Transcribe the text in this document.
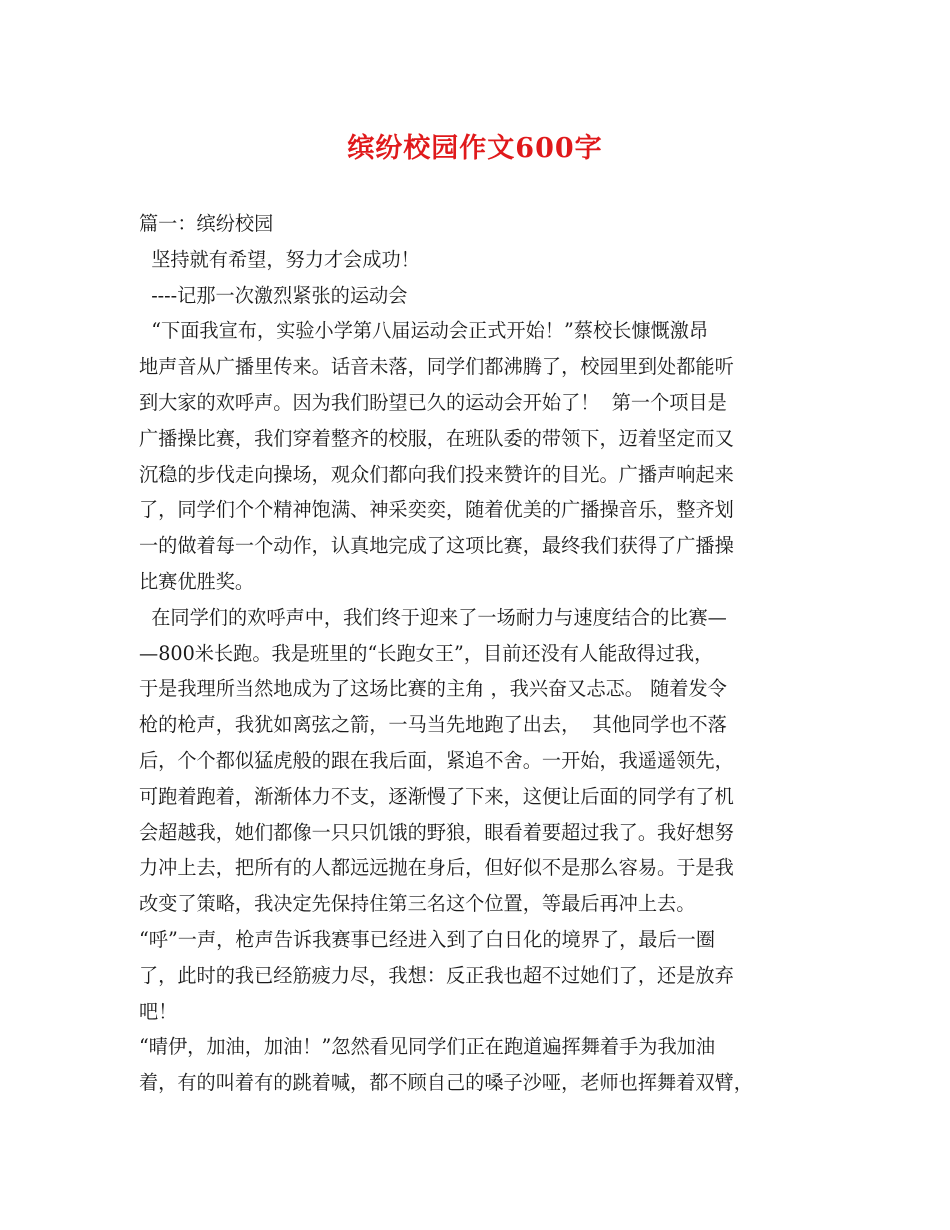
缤纷校园作文600字
篇一：缤纷校园
坚持就有希望，努力才会成功！
----记那一次激烈紧张的运动会
“下面我宣布，实验小学第八届运动会正式开始！”蔡校长慷慨激昂
地声音从广播里传来。话音未落，同学们都沸腾了，校园里到处都能听
到大家的欢呼声。因为我们盼望已久的运动会开始了！  第一个项目是
广播操比赛，我们穿着整齐的校服，在班队委的带领下，迈着坚定而又
沉稳的步伐走向操场，观众们都向我们投来赞许的目光。广播声响起来
了，同学们个个精神饱满、神采奕奕，随着优美的广播操音乐，整齐划
一的做着每一个动作，认真地完成了这项比赛，最终我们获得了广播操
比赛优胜奖。
在同学们的欢呼声中，我们终于迎来了一场耐力与速度结合的比赛—
—800米长跑。我是班里的“长跑女王”，目前还没有人能敌得过我，
于是我理所当然地成为了这场比赛的主角 ，我兴奋又忐忑。 随着发令
枪的枪声，我犹如离弦之箭，一马当先地跑了出去，  其他同学也不落
后，个个都似猛虎般的跟在我后面，紧追不舍。一开始，我遥遥领先，
可跑着跑着，渐渐体力不支，逐渐慢了下来，这便让后面的同学有了机
会超越我，她们都像一只只饥饿的野狼，眼看着要超过我了。我好想努
力冲上去，把所有的人都远远抛在身后，但好似不是那么容易。于是我
改变了策略，我决定先保持住第三名这个位置，等最后再冲上去。
“呼”一声，枪声告诉我赛事已经进入到了白日化的境界了，最后一圈
了，此时的我已经筋疲力尽，我想：反正我也超不过她们了，还是放弃
吧！
“晴伊，加油，加油！”忽然看见同学们正在跑道遍挥舞着手为我加油
着，有的叫着有的跳着喊，都不顾自己的嗓子沙哑，老师也挥舞着双臂，
